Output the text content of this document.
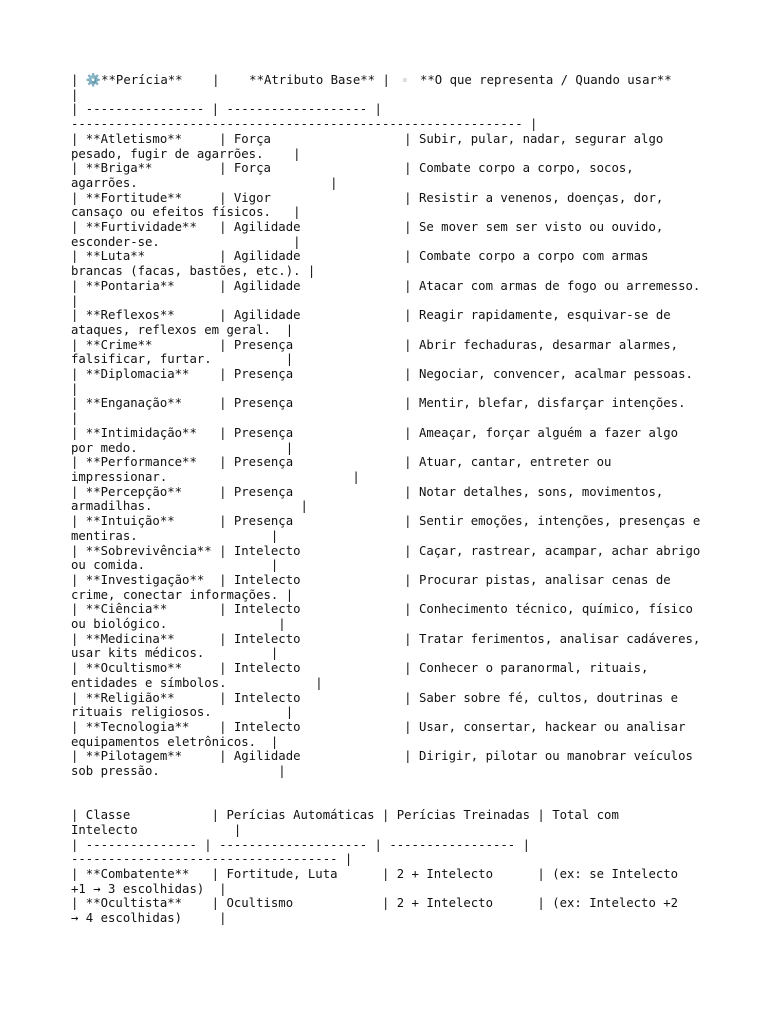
| ⚙️**Perícia**    |    **Atributo Base** | ▫️ **O que representa / Quando usar**
|
| ---------------- | ------------------- |
------------------------------------------------------------- |
| **Atletismo**     | Força                  | Subir, pular, nadar, segurar algo
pesado, fugir de agarrões.    |
| **Briga**         | Força                  | Combate corpo a corpo, socos,
agarrões.                          |
| **Fortitude**     | Vigor                  | Resistir a venenos, doenças, dor,
cansaço ou efeitos físicos.   |
| **Furtividade**   | Agilidade              | Se mover sem ser visto ou ouvido,
esconder-se.                  |
| **Luta**          | Agilidade              | Combate corpo a corpo com armas
brancas (facas, bastões, etc.). |
| **Pontaria**      | Agilidade              | Atacar com armas de fogo ou arremesso.
|
| **Reflexos**      | Agilidade              | Reagir rapidamente, esquivar-se de
ataques, reflexos em geral.  |
| **Crime**         | Presença               | Abrir fechaduras, desarmar alarmes,
falsificar, furtar.          |
| **Diplomacia**    | Presença               | Negociar, convencer, acalmar pessoas.
|
| **Enganação**     | Presença               | Mentir, blefar, disfarçar intenções.
|
| **Intimidação**   | Presença               | Ameaçar, forçar alguém a fazer algo
por medo.                    |
| **Performance**   | Presença               | Atuar, cantar, entreter ou
impressionar.                         |
| **Percepção**     | Presença               | Notar detalhes, sons, movimentos,
armadilhas.                    |
| **Intuição**      | Presença               | Sentir emoções, intenções, presenças e
mentiras.                  |
| **Sobrevivência** | Intelecto              | Caçar, rastrear, acampar, achar abrigo
ou comida.                 |
| **Investigação**  | Intelecto              | Procurar pistas, analisar cenas de
crime, conectar informações. |
| **Ciência**       | Intelecto              | Conhecimento técnico, químico, físico
ou biológico.               |
| **Medicina**      | Intelecto              | Tratar ferimentos, analisar cadáveres,
usar kits médicos.         |
| **Ocultismo**     | Intelecto              | Conhecer o paranormal, rituais,
entidades e símbolos.            |
| **Religião**      | Intelecto              | Saber sobre fé, cultos, doutrinas e
rituais religiosos.          |
| **Tecnologia**    | Intelecto              | Usar, consertar, hackear ou analisar
equipamentos eletrônicos.  |
| **Pilotagem**     | Agilidade              | Dirigir, pilotar ou manobrar veículos
sob pressão.                |
| Classe           | Perícias Automáticas | Perícias Treinadas | Total com
Intelecto             |
| --------------- | -------------------- | ----------------- |
------------------------------------ |
| **Combatente**   | Fortitude, Luta      | 2 + Intelecto      | (ex: se Intelecto
+1 → 3 escolhidas)  |
| **Ocultista**    | Ocultismo            | 2 + Intelecto      | (ex: Intelecto +2
→ 4 escolhidas)     |
